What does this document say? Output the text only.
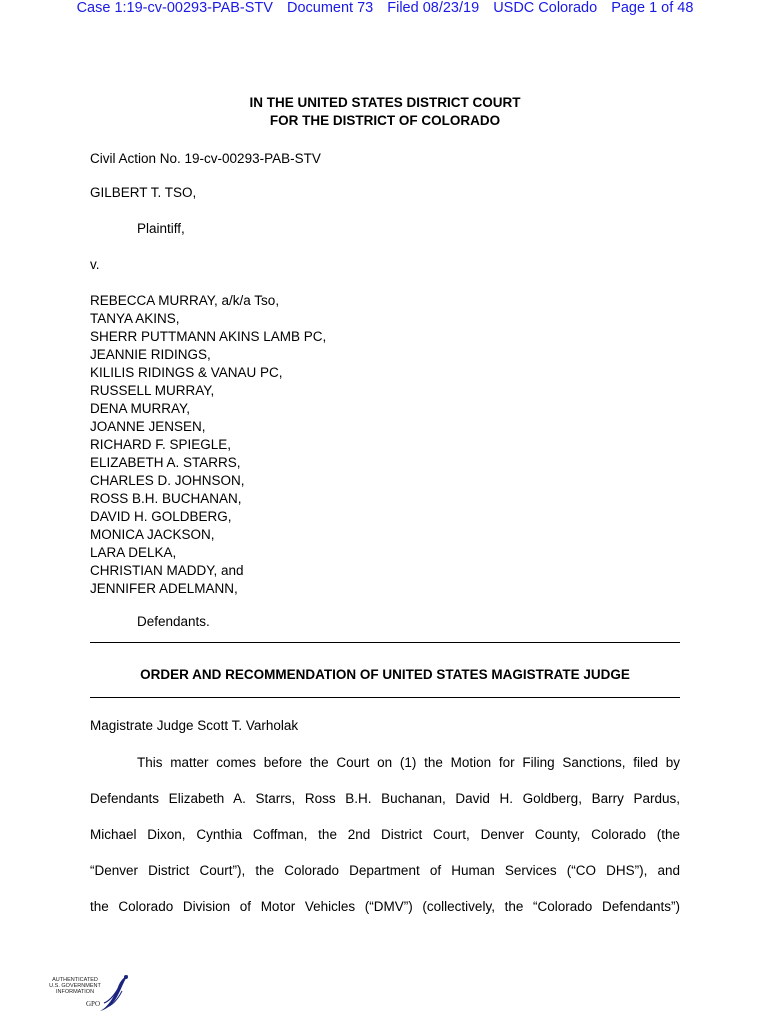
Case 1:19-cv-00293-PAB-STV Document 73 Filed 08/23/19 USDC Colorado Page 1 of 48
IN THE UNITED STATES DISTRICT COURT
FOR THE DISTRICT OF COLORADO
Civil Action No. 19-cv-00293-PAB-STV
GILBERT T. TSO,
Plaintiff,
v.
REBECCA MURRAY, a/k/a Tso,
TANYA AKINS,
SHERR PUTTMANN AKINS LAMB PC,
JEANNIE RIDINGS,
KILILIS RIDINGS & VANAU PC,
RUSSELL MURRAY,
DENA MURRAY,
JOANNE JENSEN,
RICHARD F. SPIEGLE,
ELIZABETH A. STARRS,
CHARLES D. JOHNSON,
ROSS B.H. BUCHANAN,
DAVID H. GOLDBERG,
MONICA JACKSON,
LARA DELKA,
CHRISTIAN MADDY, and
JENNIFER ADELMANN,
Defendants.
ORDER AND RECOMMENDATION OF UNITED STATES MAGISTRATE JUDGE
Magistrate Judge Scott T. Varholak
This matter comes before the Court on (1) the Motion for Filing Sanctions, filed by
Defendants Elizabeth A. Starrs, Ross B.H. Buchanan, David H. Goldberg, Barry Pardus,
Michael Dixon, Cynthia Coffman, the 2nd District Court, Denver County, Colorado (the
“Denver District Court”), the Colorado Department of Human Services (“CO DHS”), and
the Colorado Division of Motor Vehicles (“DMV”) (collectively, the “Colorado Defendants”)
AUTHENTICATED
U.S. GOVERNMENT
INFORMATION
GPO
